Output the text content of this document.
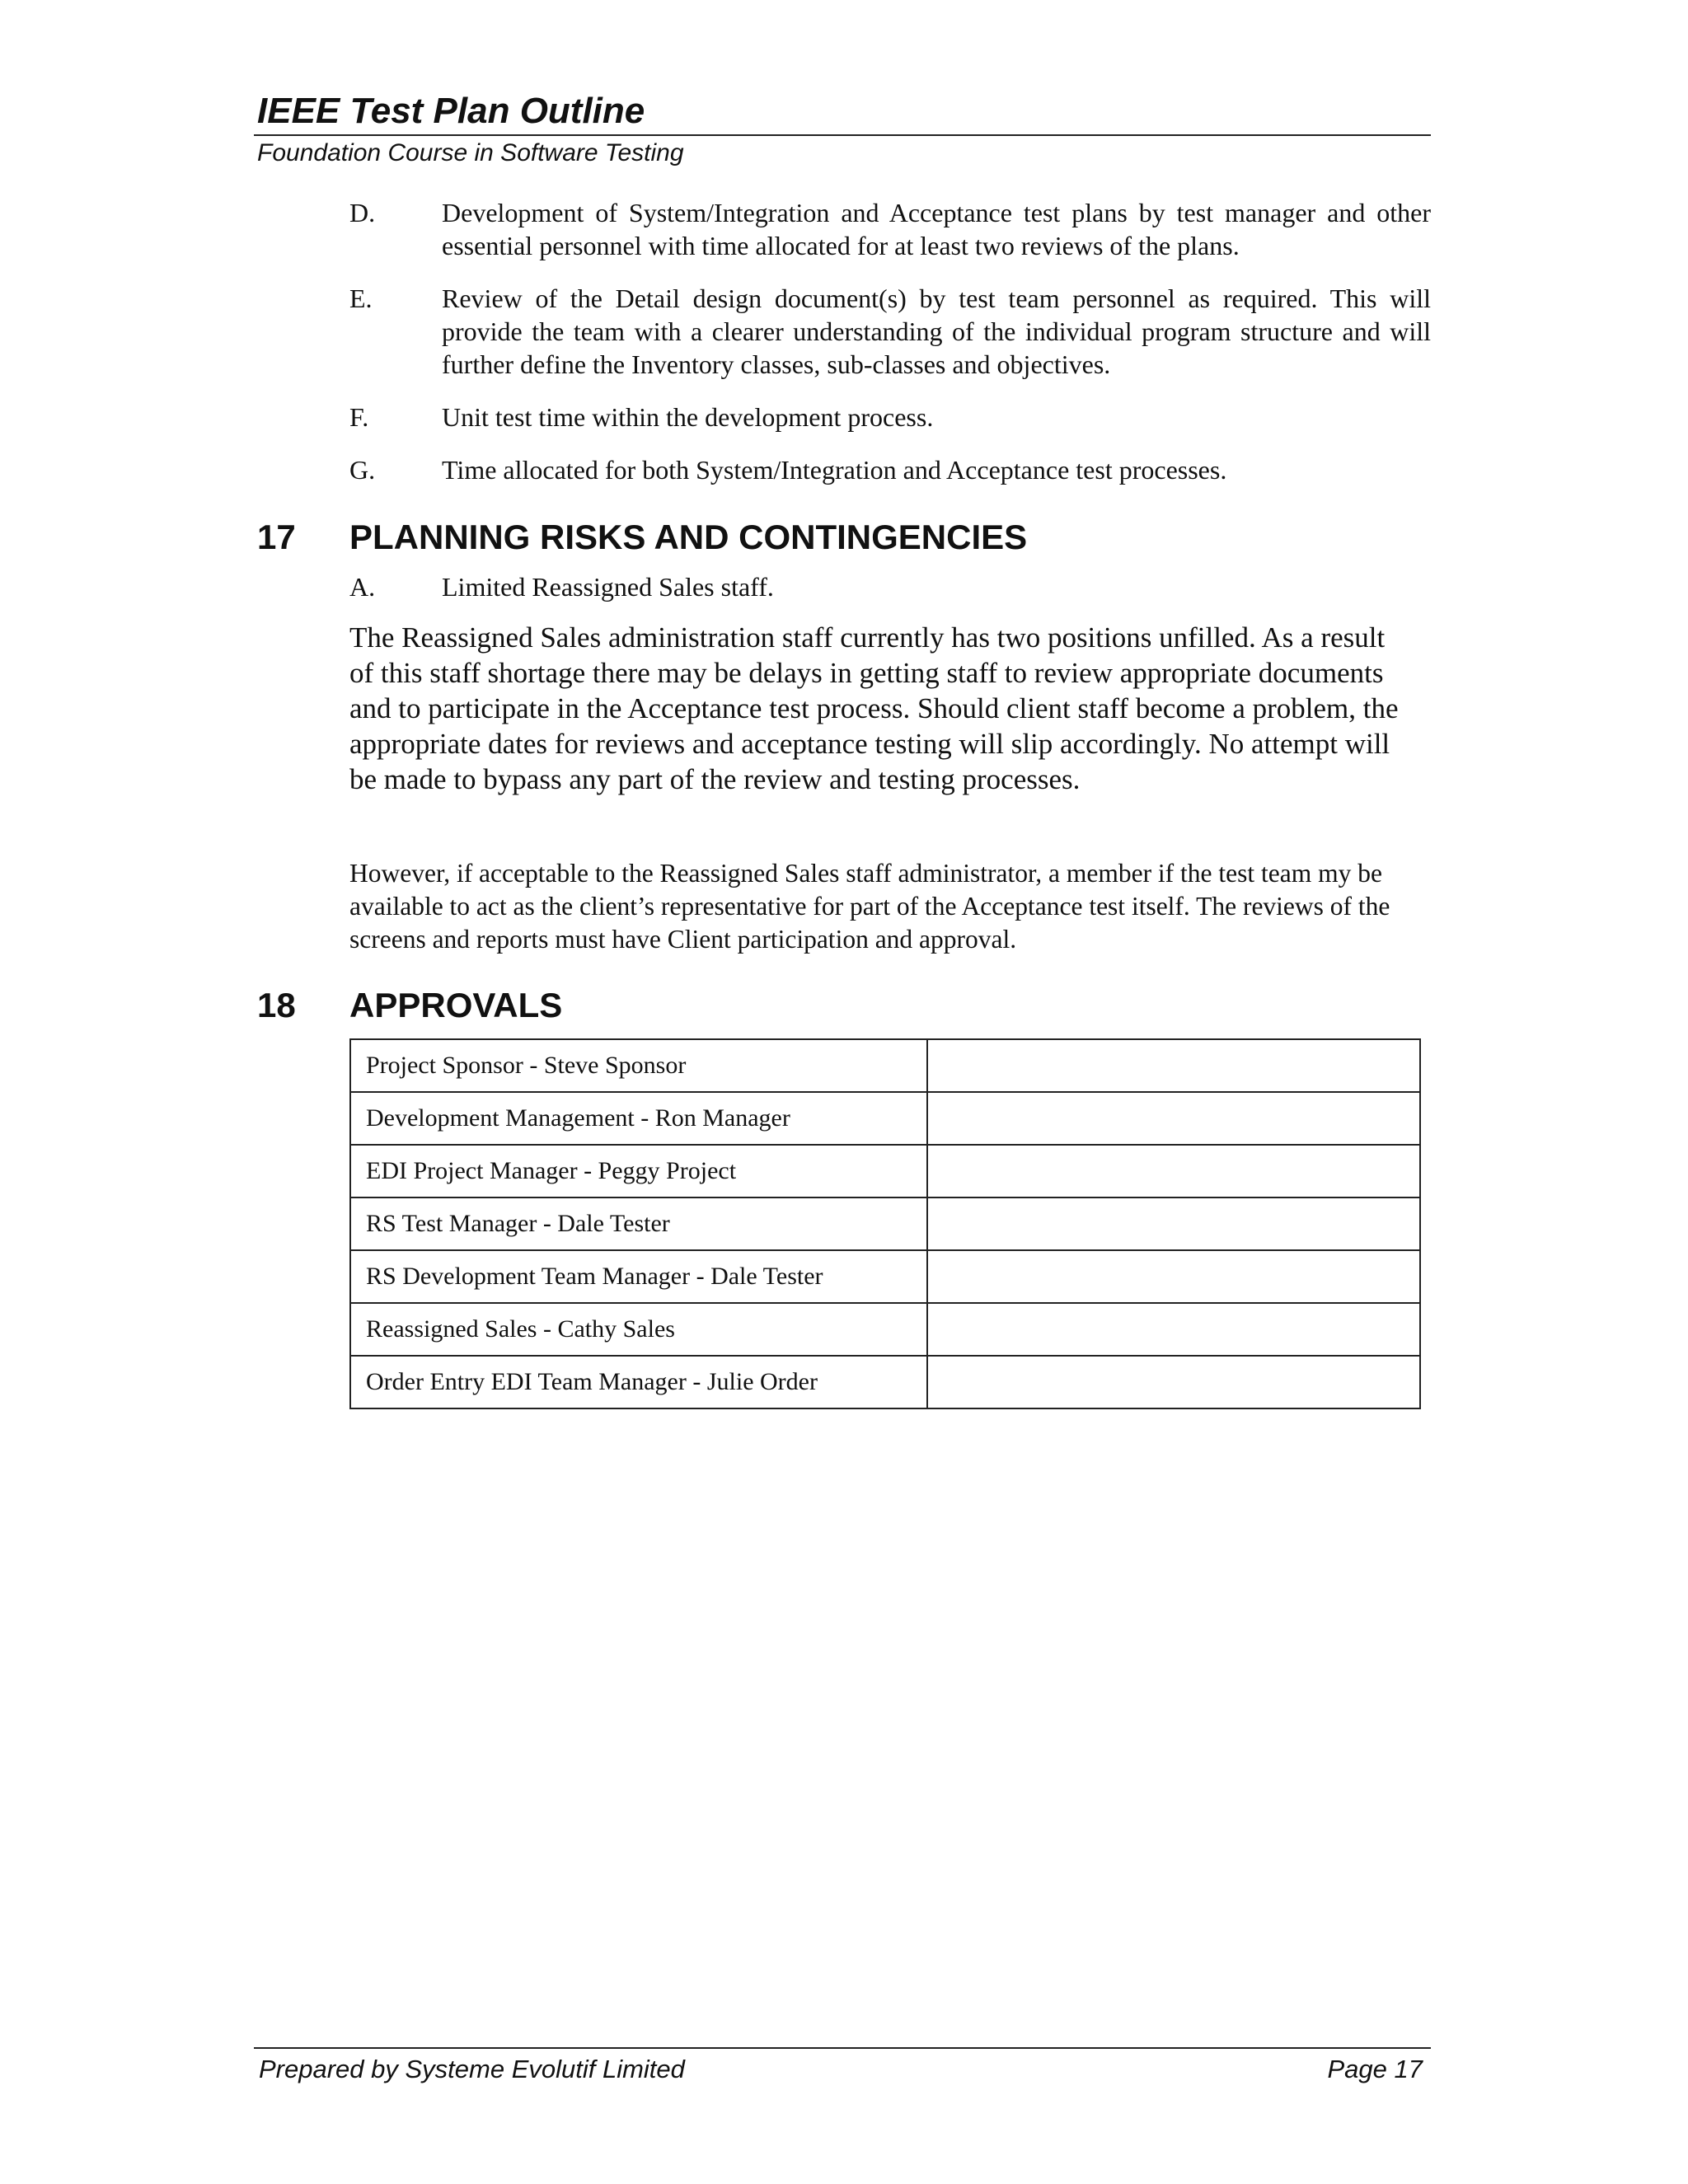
IEEE Test Plan Outline
Foundation Course in Software Testing
D.	Development of System/Integration and Acceptance test plans by test manager and other essential personnel with time allocated for at least two reviews of the plans.
E.	Review of the Detail design document(s) by test team personnel as required. This will provide the team with a clearer understanding of the individual program structure and will further define the Inventory classes, sub-classes and objectives.
F.	Unit test time within the development process.
G.	Time allocated for both System/Integration and Acceptance test processes.
17 PLANNING RISKS AND CONTINGENCIES
A.	Limited Reassigned Sales staff.
The Reassigned Sales administration staff currently has two positions unfilled. As a result of this staff shortage there may be delays in getting staff to review appropriate documents and to participate in the Acceptance test process. Should client staff become a problem, the appropriate dates for reviews and acceptance testing will slip accordingly. No attempt will be made to bypass any part of the review and testing processes.
However, if acceptable to the Reassigned Sales staff administrator, a member if the test team my be available to act as the client’s representative for part of the Acceptance test itself. The reviews of the screens and reports must have Client participation and approval.
18 APPROVALS
Project Sponsor - Steve Sponsor	
Development Management - Ron Manager	
EDI Project Manager - Peggy Project	
RS Test Manager - Dale Tester	
RS Development Team Manager - Dale Tester	
Reassigned Sales - Cathy Sales	
Order Entry EDI Team Manager - Julie Order	
Prepared by Systeme Evolutif Limited	Page 17
